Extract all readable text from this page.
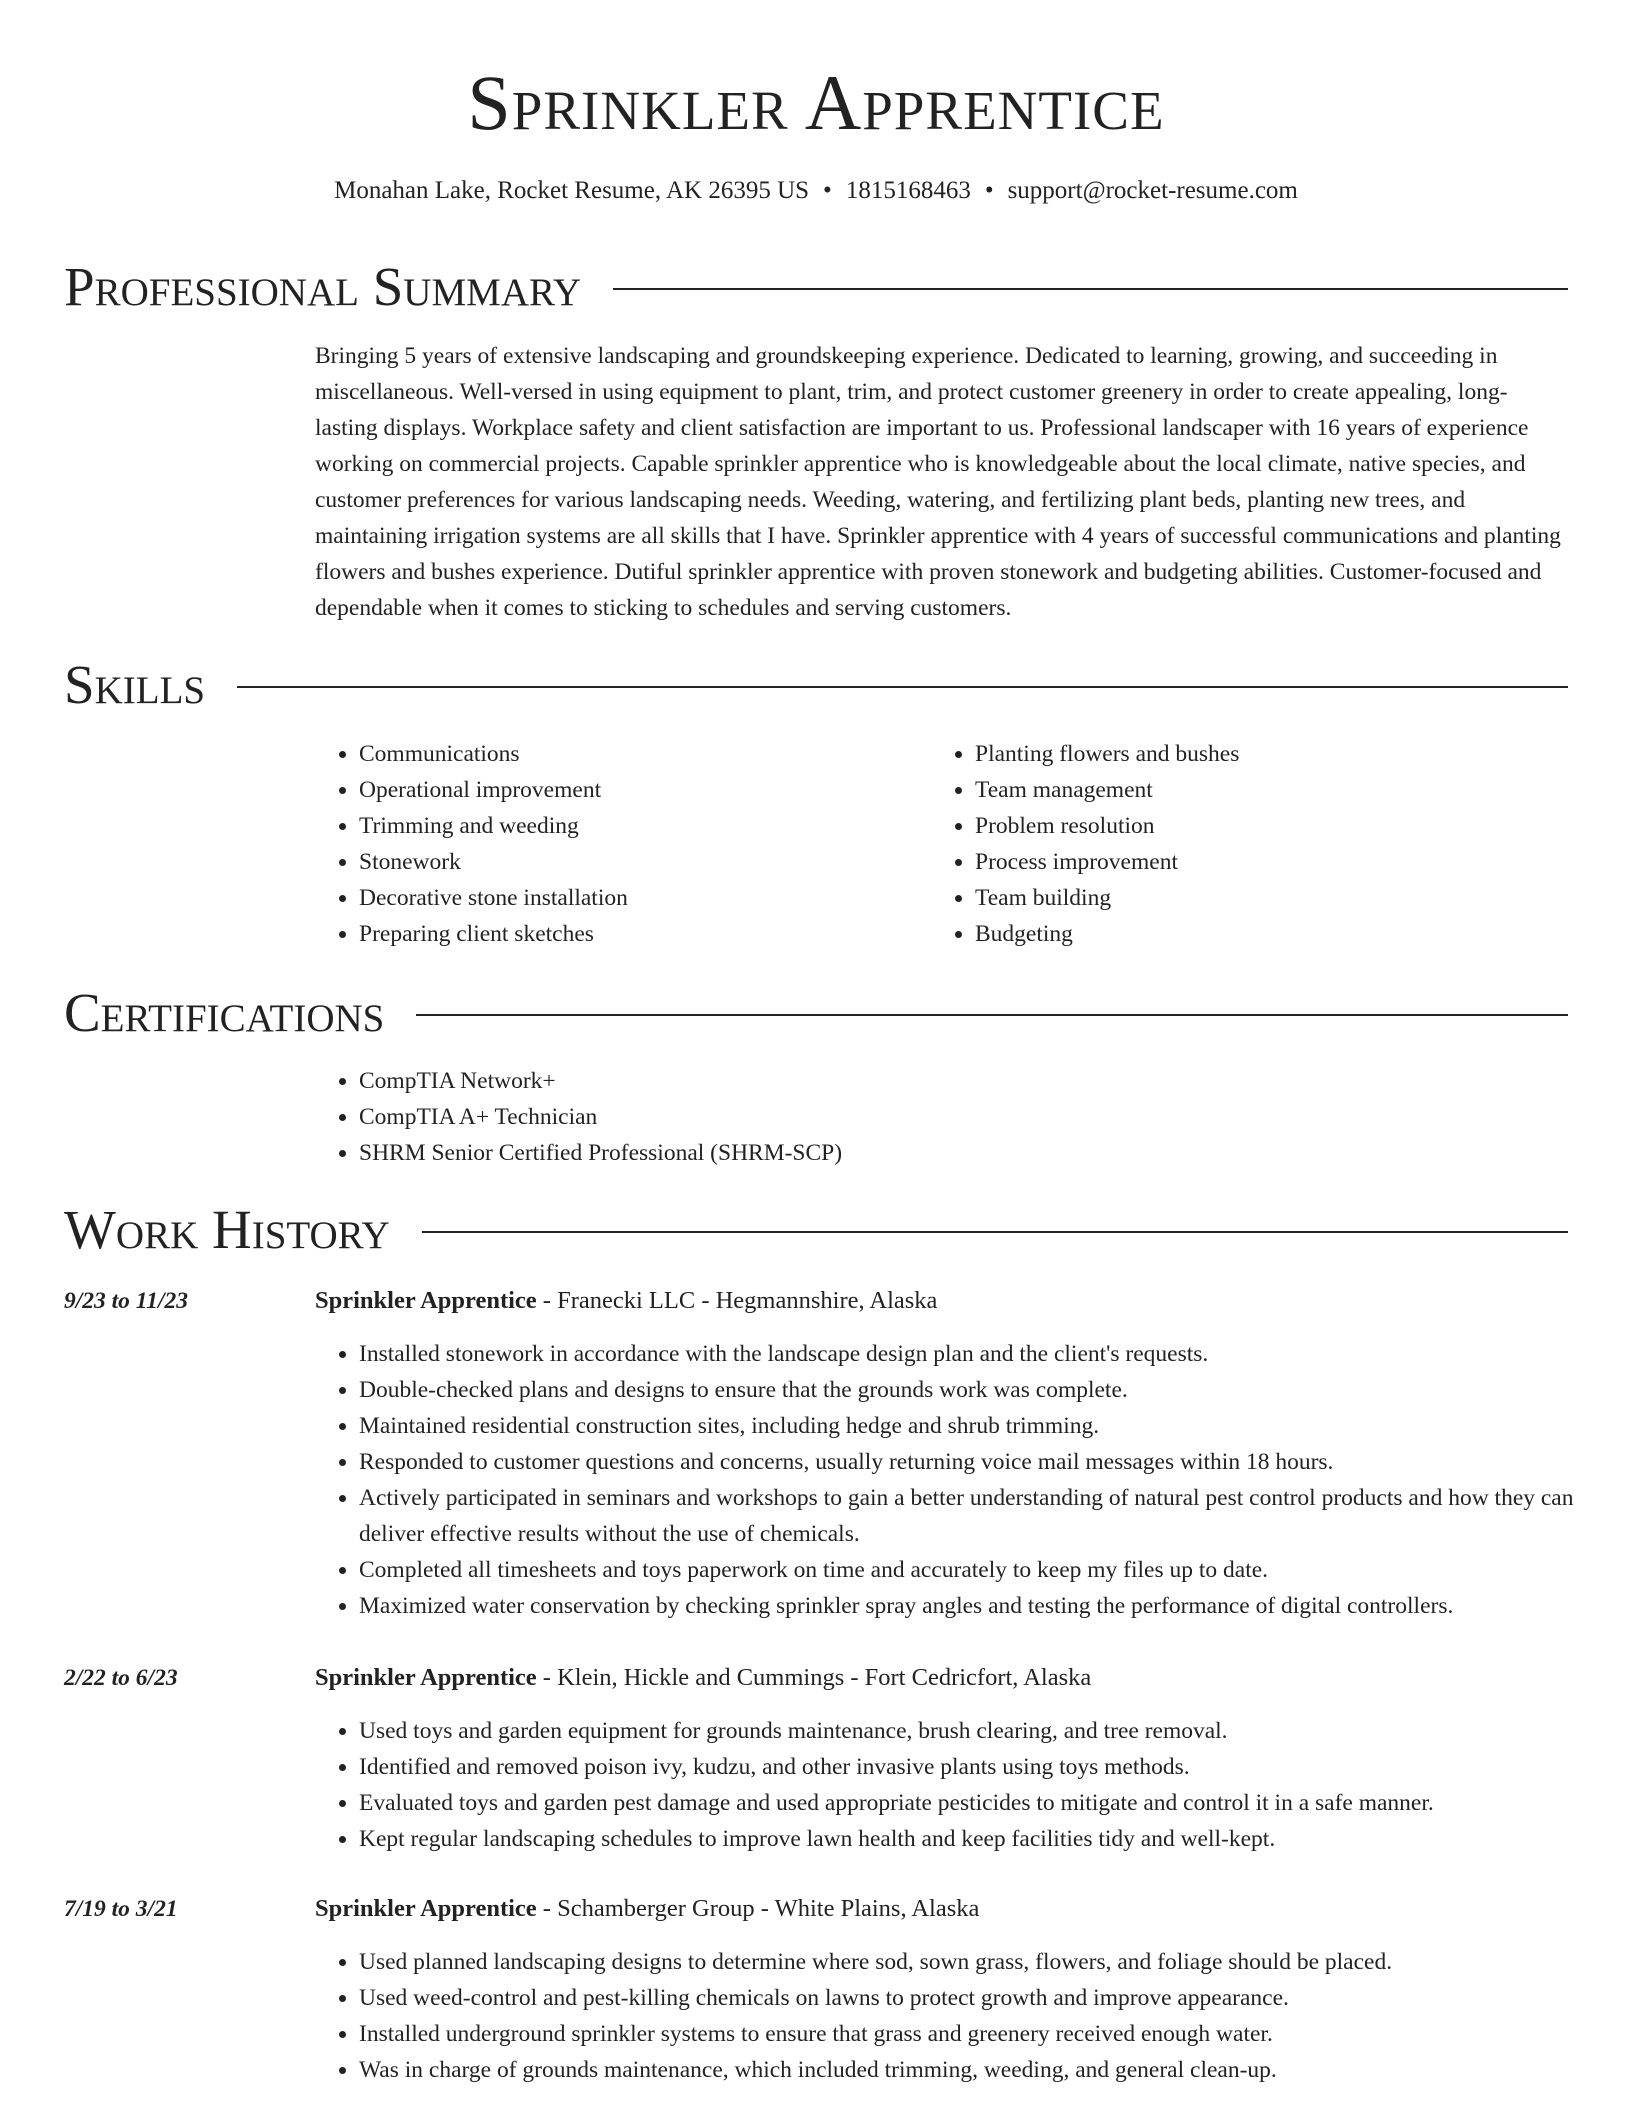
Sprinkler Apprentice
Monahan Lake, Rocket Resume, AK 26395 US • 1815168463 • support@rocket-resume.com
Professional Summary

Bringing 5 years of extensive landscaping and groundskeeping experience. Dedicated to learning, growing, and succeeding in miscellaneous. Well-versed in using equipment to plant, trim, and protect customer greenery in order to create appealing, long-lasting displays. Workplace safety and client satisfaction are important to us. Professional landscaper with 16 years of experience working on commercial projects. Capable sprinkler apprentice who is knowledgeable about the local climate, native species, and customer preferences for various landscaping needs. Weeding, watering, and fertilizing plant beds, planting new trees, and maintaining irrigation systems are all skills that I have. Sprinkler apprentice with 4 years of successful communications and planting flowers and bushes experience. Dutiful sprinkler apprentice with proven stonework and budgeting abilities. Customer-focused and dependable when it comes to sticking to schedules and serving customers.

Skills
• Communications
• Operational improvement
• Trimming and weeding
• Stonework
• Decorative stone installation
• Preparing client sketches
• Planting flowers and bushes
• Team management
• Problem resolution
• Process improvement
• Team building
• Budgeting
Certifications
• CompTIA Network+
• CompTIA A+ Technician
• SHRM Senior Certified Professional (SHRM-SCP)
Work History
9/23 to 11/23	Sprinkler Apprentice - Franecki LLC - Hegmannshire, Alaska
• Installed stonework in accordance with the landscape design plan and the client's requests.
• Double-checked plans and designs to ensure that the grounds work was complete.
• Maintained residential construction sites, including hedge and shrub trimming.
• Responded to customer questions and concerns, usually returning voice mail messages within 18 hours.
• Actively participated in seminars and workshops to gain a better understanding of natural pest control products and how they can deliver effective results without the use of chemicals.
• Completed all timesheets and toys paperwork on time and accurately to keep my files up to date.
• Maximized water conservation by checking sprinkler spray angles and testing the performance of digital controllers.
2/22 to 6/23	Sprinkler Apprentice - Klein, Hickle and Cummings - Fort Cedricfort, Alaska
• Used toys and garden equipment for grounds maintenance, brush clearing, and tree removal.
• Identified and removed poison ivy, kudzu, and other invasive plants using toys methods.
• Evaluated toys and garden pest damage and used appropriate pesticides to mitigate and control it in a safe manner.
• Kept regular landscaping schedules to improve lawn health and keep facilities tidy and well-kept.
7/19 to 3/21	Sprinkler Apprentice - Schamberger Group - White Plains, Alaska
• Used planned landscaping designs to determine where sod, sown grass, flowers, and foliage should be placed.
• Used weed-control and pest-killing chemicals on lawns to protect growth and improve appearance.
• Installed underground sprinkler systems to ensure that grass and greenery received enough water.
• Was in charge of grounds maintenance, which included trimming, weeding, and general clean-up.
